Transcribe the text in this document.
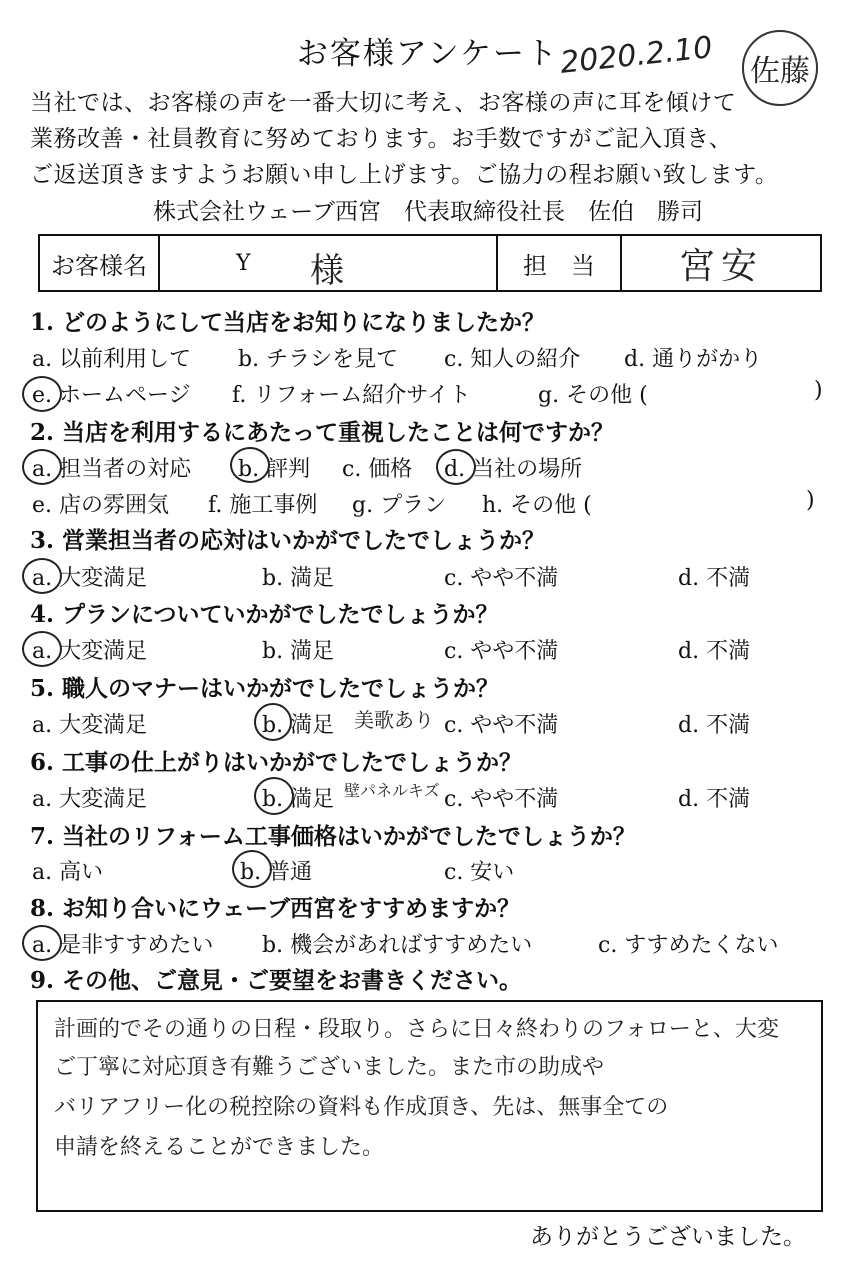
お客様アンケート 2020.2.10 佐藤
当社では、お客様の声を一番大切に考え、お客様の声に耳を傾けて
業務改善・社員教育に努めております。お手数ですがご記入頂き、
ご返送頂きますようお願い申し上げます。ご協力の程お願い致します。
株式会社ウェーブ西宮　代表取締役社長　佐伯　勝司
お客様名	Y 様	担　当	宮安
1. どのようにして当店をお知りになりましたか？
a. 以前利用して b. チラシを見て c. 知人の紹介 d. 通りがかり
e. ホームページ f. リフォーム紹介サイト	g. その他 (	)
2. 当店を利用するにあたって重視したことは何ですか？
a. 担当者の対応 b. 評判 c. 価格 d. 当社の場所
e. 店の雰囲気 f. 施工事例 g. プラン h. その他 (	)
3. 営業担当者の応対はいかがでしたでしょうか？
a. 大変満足	b. 満足	c. やや不満	d. 不満
4. プランについていかがでしたでしょうか？
a. 大変満足	b. 満足	c. やや不満	d. 不満
5. 職人のマナーはいかがでしたでしょうか？
a. 大変満足	b. 満足 美歌あり c. やや不満	d. 不満
6. 工事の仕上がりはいかがでしたでしょうか？
a. 大変満足	b. 満足 壁パネルキズ c. やや不満	d. 不満
7. 当社のリフォーム工事価格はいかがでしたでしょうか？
a. 高い	b. 普通	c. 安い
8. お知り合いにウェーブ西宮をすすめますか？
a. 是非すすめたい b. 機会があればすすめたい	c. すすめたくない
9. その他、ご意見・ご要望をお書きください。
計画的でその通りの日程・段取り。さらに日々終わりのフォローと、大変
ご丁寧に対応頂き有難うございました。また市の助成や
バリアフリー化の税控除の資料も作成頂き、先は、無事全ての
申請を終えることができました。
ありがとうございました。
